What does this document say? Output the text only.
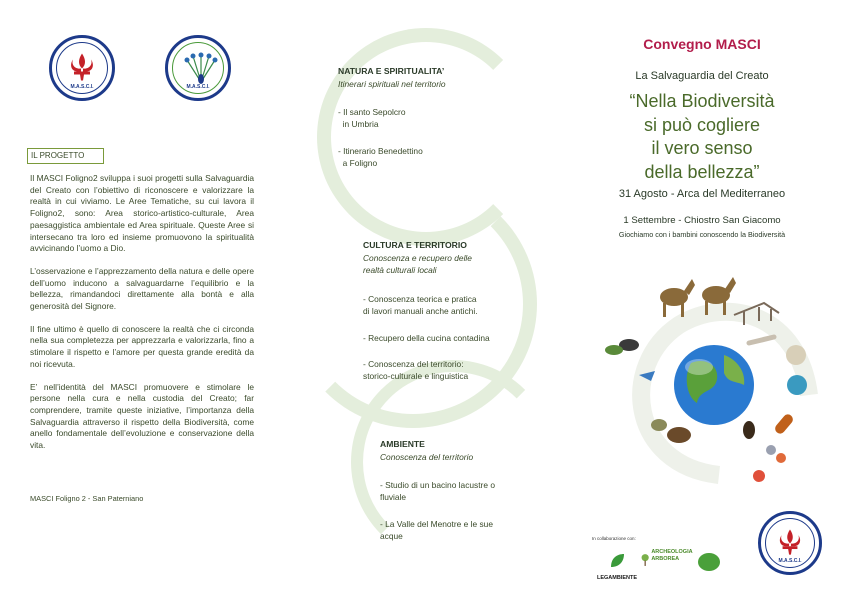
M.A.S.C.I.	M.A.S.C.I.
IL PROGETTO

Il MASCI Foligno2 sviluppa i suoi progetti sulla Salvaguardia del Creato con l’obiettivo di riconoscere e valorizzare la realtà in cui viviamo. Le Aree Tematiche, su cui lavora il Foligno2, sono: Area storico-artistico-culturale, Area paesaggistica ambientale ed Area spirituale. Queste Aree si intersecano tra loro ed insieme promuovono la spiritualità avvicinando l’uomo a Dio.

L’osservazione e l’apprezzamento della natura e delle opere dell’uomo inducono a salvaguardarne l’equilibrio e la bellezza, rimandandoci direttamente alla bontà e alla generosità del Signore.

Il fine ultimo è quello di conoscere la realtà che ci circonda nella sua completezza per apprezzarla e valorizzarla, fino a stimolare il rispetto e l’amore per questa grande eredità da noi ricevuta.

E’ nell’identità del MASCI promuovere e stimolare le persone nella cura e nella custodia del Creato; far comprendere, tramite queste iniziative, l’importanza della Salvaguardia attraverso il rispetto della Biodiversità, come anello fondamentale dell’evoluzione e conservazione della vita.

MASCI Foligno 2 - San Paterniano
NATURA E SPIRITUALITA’
Itinerari spirituali nel territorio
- Il santo Sepolcro
in Umbria
- Itinerario Benedettino
a Foligno
CULTURA E TERRITORIO
Conoscenza e recupero delle
realtà culturali locali
- Conoscenza teorica e pratica
di lavori manuali anche antichi.
- Recupero della cucina contadina
- Conoscenza del territorio:
storico-culturale e linguistica
AMBIENTE
Conoscenza del territorio
- Studio di un bacino lacustre o
fluviale
- La Valle del Menotre e le sue
acque
Convegno MASCI
La Salvaguardia del Creato
“Nella Biodiversità
si può cogliere
il vero senso
della bellezza”
31 Agosto - Arca del Mediterraneo
1 Settembre - Chiostro San Giacomo
Giochiamo con i bambini conoscendo la Biodiversità
M.A.S.C.I.
In collaborazione con:
LEGAMBIENTE
ARCHEOLOGIA ARBOREA
